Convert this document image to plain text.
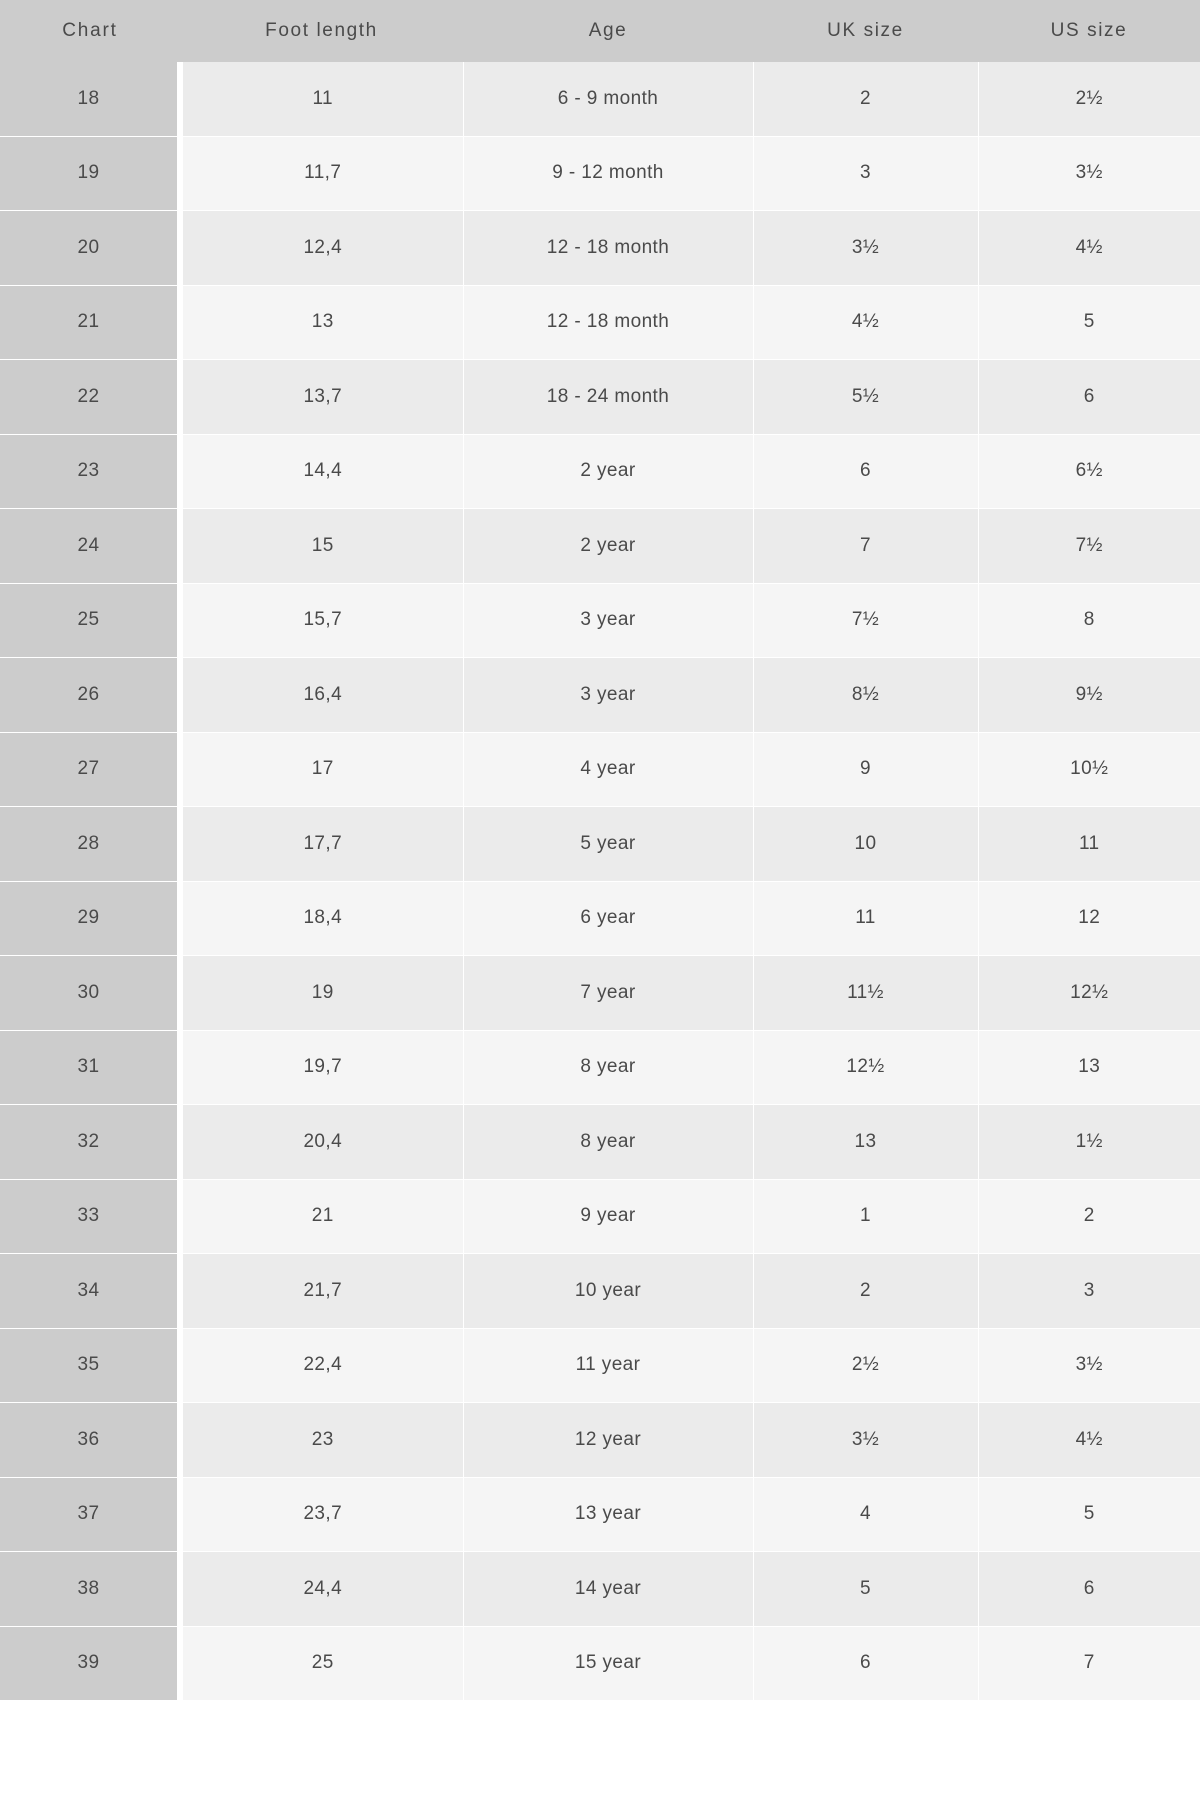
Chart	Foot length	Age	UK size	US size
18	11	6 - 9 month	2	2½
19	11,7	9 - 12 month	3	3½
20	12,4	12 - 18 month	3½	4½
21	13	12 - 18 month	4½	5
22	13,7	18 - 24 month	5½	6
23	14,4	2 year	6	6½
24	15	2 year	7	7½
25	15,7	3 year	7½	8
26	16,4	3 year	8½	9½
27	17	4 year	9	10½
28	17,7	5 year	10	11
29	18,4	6 year	11	12
30	19	7 year	11½	12½
31	19,7	8 year	12½	13
32	20,4	8 year	13	1½
33	21	9 year	1	2
34	21,7	10 year	2	3
35	22,4	11 year	2½	3½
36	23	12 year	3½	4½
37	23,7	13 year	4	5
38	24,4	14 year	5	6
39	25	15 year	6	7
